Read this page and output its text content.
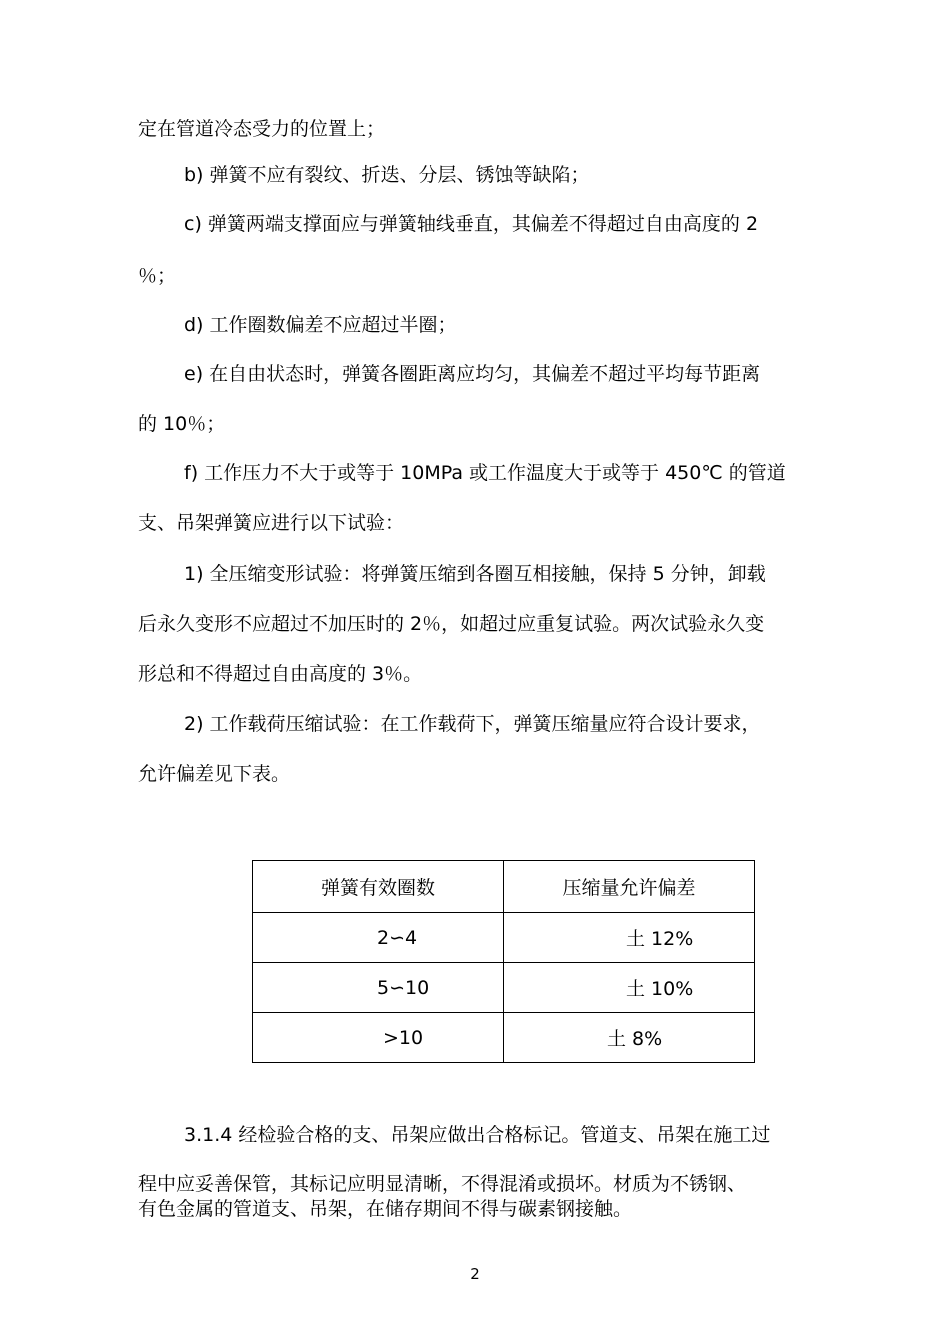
定在管道冷态受力的位置上；
b) 弹簧不应有裂纹、折迭、分层、锈蚀等缺陷；
c) 弹簧两端支撑面应与弹簧轴线垂直，其偏差不得超过自由高度的 2
％；
d) 工作圈数偏差不应超过半圈；
e) 在自由状态时，弹簧各圈距离应均匀，其偏差不超过平均每节距离
的 10％；
f) 工作压力不大于或等于 10MPa 或工作温度大于或等于 450℃ 的管道
支、吊架弹簧应进行以下试验：
1) 全压缩变形试验：将弹簧压缩到各圈互相接触，保持 5 分钟，卸载
后永久变形不应超过不加压时的 2％，如超过应重复试验。两次试验永久变
形总和不得超过自由高度的 3％。
2) 工作载荷压缩试验：在工作载荷下，弹簧压缩量应符合设计要求，
允许偏差见下表。
弹簧有效圈数	压缩量允许偏差

2∽4	土 12%

5∽10	土 10%

>10	土 8%
3.1.4 经检验合格的支、吊架应做出合格标记。管道支、吊架在施工过
程中应妥善保管，其标记应明显清晰，不得混淆或损坏。材质为不锈钢、
有色金属的管道支、吊架，在储存期间不得与碳素钢接触。
2
